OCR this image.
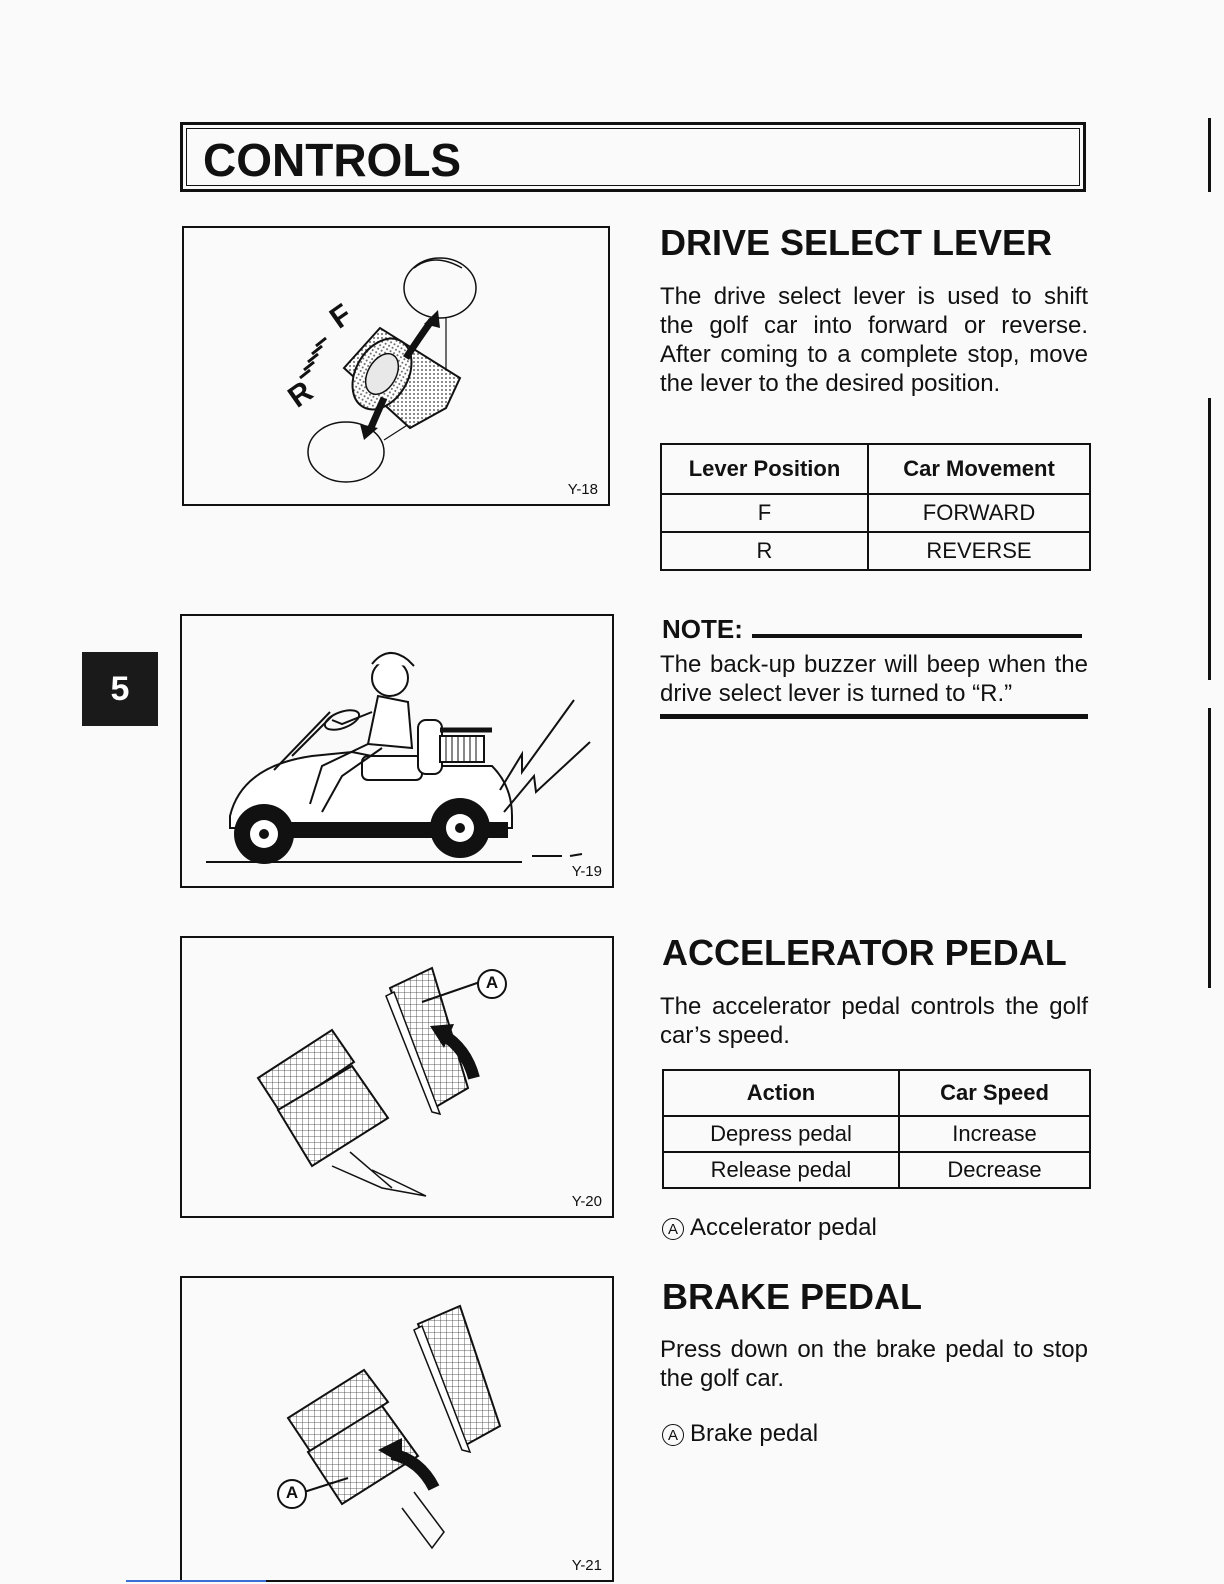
CONTROLS
5
F
R
Y-18
Y-19
A
Y-20
A
Y-21
DRIVE SELECT LEVER
The drive select lever is used to shift the golf car into forward or reverse. After coming to a complete stop, move the lever to the desired position.
Lever Position	Car Movement
F	FORWARD
R	REVERSE
NOTE:
The back-up buzzer will beep when the drive select lever is turned to “R.”
ACCELERATOR PEDAL
The accelerator pedal controls the golf car’s speed.
Action	Car Speed
Depress pedal	Increase
Release pedal	Decrease
A Accelerator pedal
BRAKE PEDAL
Press down on the brake pedal to stop the golf car.
A Brake pedal
